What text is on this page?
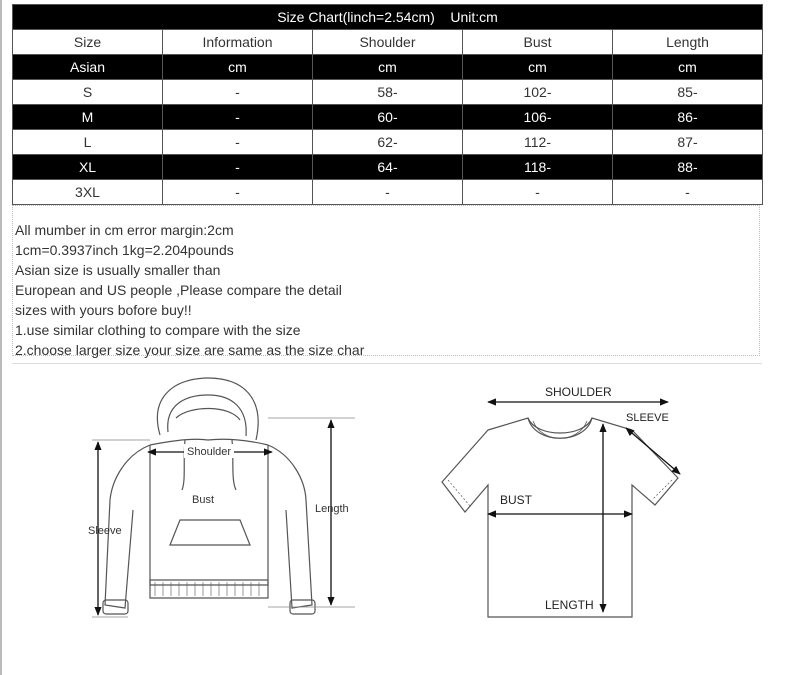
Size Chart(linch=2.54cm)    Unit:cm				
Size	Information	Shoulder	Bust	Length
Asian	cm	cm	cm	cm
S	-	58-	102-	85-
M	-	60-	106-	86-
L	-	62-	112-	87-
XL	-	64-	118-	88-
3XL	-	-	-	-
All mumber in cm error margin:2cm
1cm=0.3937inch 1kg=2.204pounds
Asian size is usually smaller than
European and US people ,Please compare the detail
sizes with yours bofore buy!!
1.use similar clothing to compare with the size
2.choose larger size your size are same as the size char
Shoulder
Bust
Length
Sleeve
SHOULDER
SLEEVE
BUST
LENGTH
